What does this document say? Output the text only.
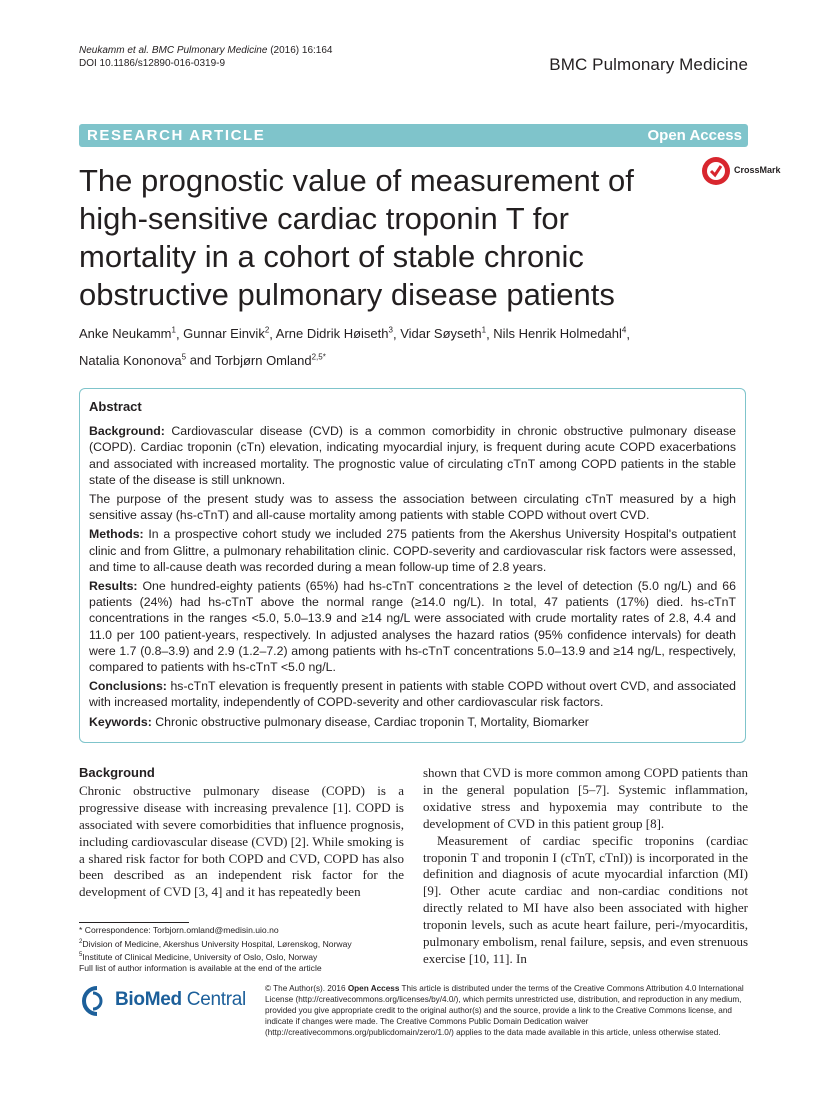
Neukamm et al. BMC Pulmonary Medicine (2016) 16:164
DOI 10.1186/s12890-016-0319-9	BMC Pulmonary Medicine
RESEARCH ARTICLE	Open Access
The prognostic value of measurement of high-sensitive cardiac troponin T for mortality in a cohort of stable chronic obstructive pulmonary disease patients
CrossMark
Anke Neukamm$^1$, Gunnar Einvik$^2$, Arne Didrik Høiseth$^3$, Vidar Søyseth$^1$, Nils Henrik Holmedahl$^4$,
Natalia Kononova$^5$ and Torbjørn Omland$^{2,5*}$
Abstract

Background: Cardiovascular disease (CVD) is a common comorbidity in chronic obstructive pulmonary disease (COPD). Cardiac troponin (cTn) elevation, indicating myocardial injury, is frequent during acute COPD exacerbations and associated with increased mortality. The prognostic value of circulating cTnT among COPD patients in the stable state of the disease is still unknown.

The purpose of the present study was to assess the association between circulating cTnT measured by a high sensitive assay (hs-cTnT) and all-cause mortality among patients with stable COPD without overt CVD.

Methods: In a prospective cohort study we included 275 patients from the Akershus University Hospital's outpatient clinic and from Glittre, a pulmonary rehabilitation clinic. COPD-severity and cardiovascular risk factors were assessed, and time to all-cause death was recorded during a mean follow-up time of 2.8 years.

Results: One hundred-eighty patients (65%) had hs-cTnT concentrations ≥ the level of detection (5.0 ng/L) and 66 patients (24%) had hs-cTnT above the normal range (≥14.0 ng/L). In total, 47 patients (17%) died. hs-cTnT concentrations in the ranges <5.0, 5.0–13.9 and ≥14 ng/L were associated with crude mortality rates of 2.8, 4.4 and 11.0 per 100 patient-years, respectively. In adjusted analyses the hazard ratios (95% confidence intervals) for death were 1.7 (0.8–3.9) and 2.9 (1.2–7.2) among patients with hs-cTnT concentrations 5.0–13.9 and ≥14 ng/L, respectively, compared to patients with hs-cTnT <5.0 ng/L.

Conclusions: hs-cTnT elevation is frequently present in patients with stable COPD without overt CVD, and associated with increased mortality, independently of COPD-severity and other cardiovascular risk factors.

Keywords: Chronic obstructive pulmonary disease, Cardiac troponin T, Mortality, Biomarker

Background

Chronic obstructive pulmonary disease (COPD) is a progressive disease with increasing prevalence [1]. COPD is associated with severe comorbidities that influence prognosis, including cardiovascular disease (CVD) [2]. While smoking is a shared risk factor for both COPD and CVD, COPD has also been described as an independent risk factor for the development of CVD [3, 4] and it has repeatedly been

shown that CVD is more common among COPD patients than in the general population [5–7]. Systemic inflammation, oxidative stress and hypoxemia may contribute to the development of CVD in this patient group [8].

Measurement of cardiac specific troponins (cardiac troponin T and troponin I (cTnT, cTnI)) is incorporated in the definition and diagnosis of acute myocardial infarction (MI) [9]. Other acute cardiac and non-cardiac conditions not directly related to MI have also been associated with higher troponin levels, such as acute heart failure, peri-/myocarditis, pulmonary embolism, renal failure, sepsis, and even strenuous exercise [10, 11]. In

* Correspondence: Torbjorn.omland@medisin.uio.no
$^2$Division of Medicine, Akershus University Hospital, Lørenskog, Norway
$^5$Institute of Clinical Medicine, University of Oslo, Oslo, Norway
Full list of author information is available at the end of the article
BioMed Central
© The Author(s). 2016 Open Access This article is distributed under the terms of the Creative Commons Attribution 4.0 International License (http://creativecommons.org/licenses/by/4.0/), which permits unrestricted use, distribution, and reproduction in any medium, provided you give appropriate credit to the original author(s) and the source, provide a link to the Creative Commons license, and indicate if changes were made. The Creative Commons Public Domain Dedication waiver (http://creativecommons.org/publicdomain/zero/1.0/) applies to the data made available in this article, unless otherwise stated.
